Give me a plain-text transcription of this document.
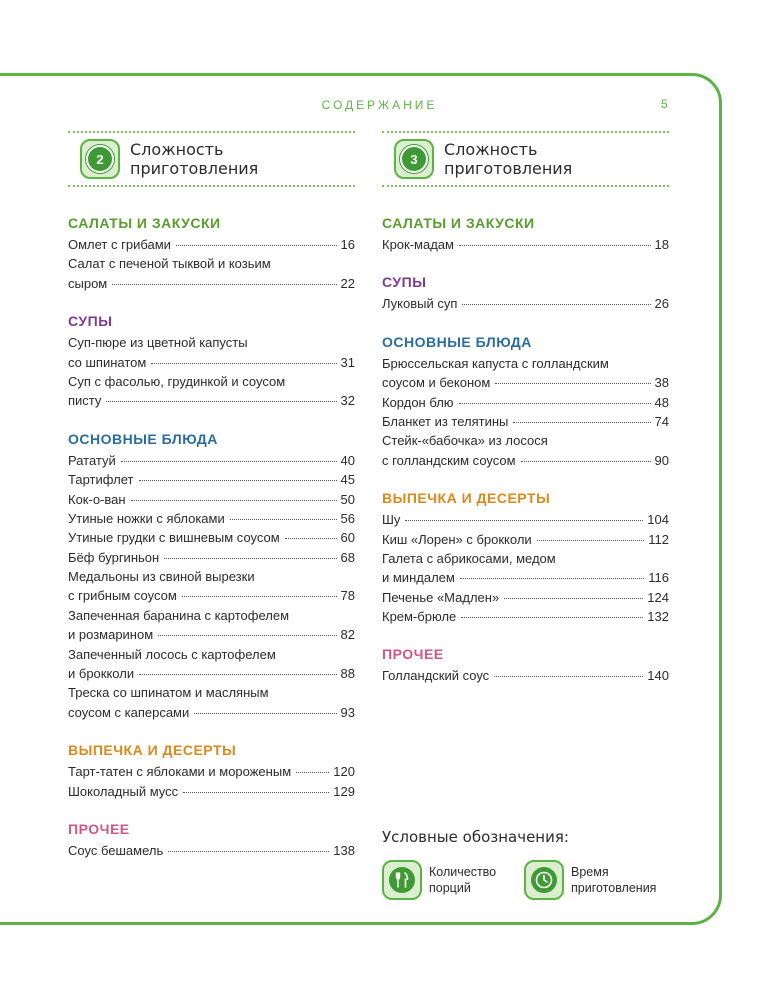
СОДЕРЖАНИЕ	5
2	Сложность
приготовления
САЛАТЫ И ЗАКУСКИ
Омлет с грибами	16
Салат с печеной тыквой и козьим
сыром	22
СУПЫ
Суп-пюре из цветной капусты
со шпинатом	31
Суп с фасолью, грудинкой и соусом
писту	32
ОСНОВНЫЕ БЛЮДА
Рататуй	40
Тартифлет	45
Кок-о-ван	50
Утиные ножки с яблоками	56
Утиные грудки с вишневым соусом	60
Бёф бургиньон	68
Медальоны из свиной вырезки
с грибным соусом	78
Запеченная баранина с картофелем
и розмарином	82
Запеченный лосось с картофелем
и брокколи	88
Треска со шпинатом и масляным
соусом с каперсами	93
ВЫПЕЧКА И ДЕСЕРТЫ
Тарт-татен с яблоками и мороженым	120
Шоколадный мусс	129
ПРОЧЕЕ
Соус бешамель	138
3	Сложность
приготовления
САЛАТЫ И ЗАКУСКИ
Крок-мадам	18
СУПЫ
Луковый суп	26
ОСНОВНЫЕ БЛЮДА
Брюссельская капуста с голландским
соусом и беконом	38
Кордон блю	48
Бланкет из телятины	74
Стейк-«бабочка» из лосося
с голландским соусом	90
ВЫПЕЧКА И ДЕСЕРТЫ
Шу	104
Киш «Лорен» с брокколи	112
Галета с абрикосами, медом
и миндалем	116
Печенье «Мадлен»	124
Крем-брюле	132
ПРОЧЕЕ
Голландский соус	140
Условные обозначения:
Количество
порций
Время
приготовления
